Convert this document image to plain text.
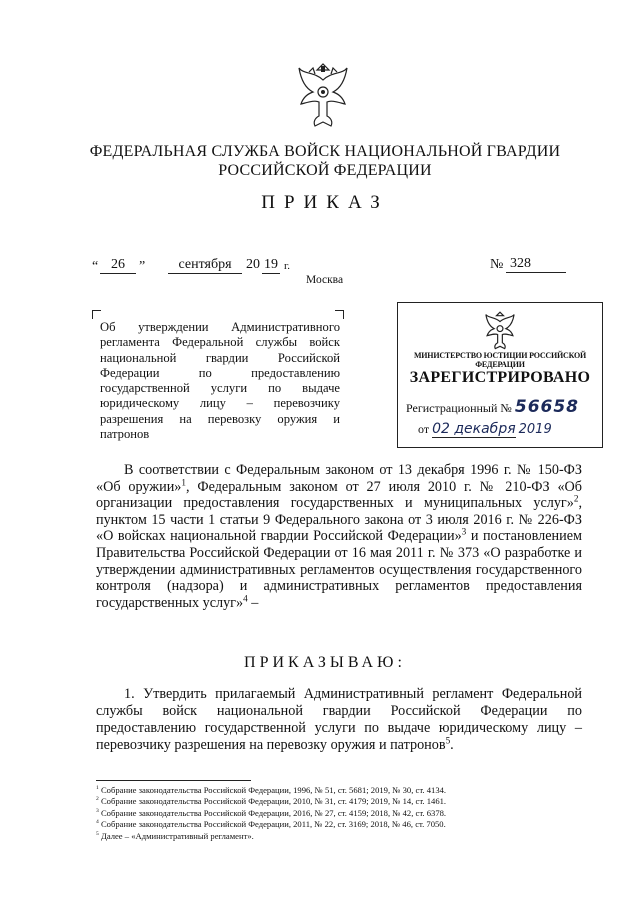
ФЕДЕРАЛЬНАЯ СЛУЖБА ВОЙСК НАЦИОНАЛЬНОЙ ГВАРДИИ
РОССИЙСКОЙ ФЕДЕРАЦИИ
ПРИКАЗ
“ 26	”	сентября	20 19 г.	№ 328
Москва
Об утверждении Административного регламента Федеральной службы войск национальной гвардии Российской Федерации по предоставлению государственной услуги по выдаче юридическому лицу – перевозчику разрешения на перевозку оружия и патронов
МИНИСТЕРСТВО ЮСТИЦИИ РОССИЙСКОЙ ФЕДЕРАЦИИ
ЗАРЕГИСТРИРОВАНО
Регистрационный № 56658
от 02 декабря 2019
В соответствии с Федеральным законом от 13 декабря 1996 г. № 150-ФЗ «Об оружии»$^1$, Федеральным законом от 27 июля 2010 г. № 210-ФЗ «Об организации предоставления государственных и муниципальных услуг»$^2$, пунктом 15 части 1 статьи 9 Федерального закона от 3 июля 2016 г. № 226-ФЗ «О войсках национальной гвардии Российской Федерации»$^3$ и постановлением Правительства Российской Федерации от 16 мая 2011 г. № 373 «О разработке и утверждении административных регламентов осуществления государственного контроля (надзора) и административных регламентов предоставления государственных услуг»$^4$ –
ПРИКАЗЫВАЮ:
1. Утвердить прилагаемый Административный регламент Федеральной службы войск национальной гвардии Российской Федерации по предоставлению государственной услуги по выдаче юридическому лицу – перевозчику разрешения на перевозку оружия и патронов$^5$.
$^1$ Собрание законодательства Российской Федерации, 1996, № 51, ст. 5681; 2019, № 30, ст. 4134.
$^2$ Собрание законодательства Российской Федерации, 2010, № 31, ст. 4179; 2019, № 14, ст. 1461.
$^3$ Собрание законодательства Российской Федерации, 2016, № 27, ст. 4159; 2018, № 42, ст. 6378.
$^4$ Собрание законодательства Российской Федерации, 2011, № 22, ст. 3169; 2018, № 46, ст. 7050.
$^5$ Далее – «Административный регламент».
